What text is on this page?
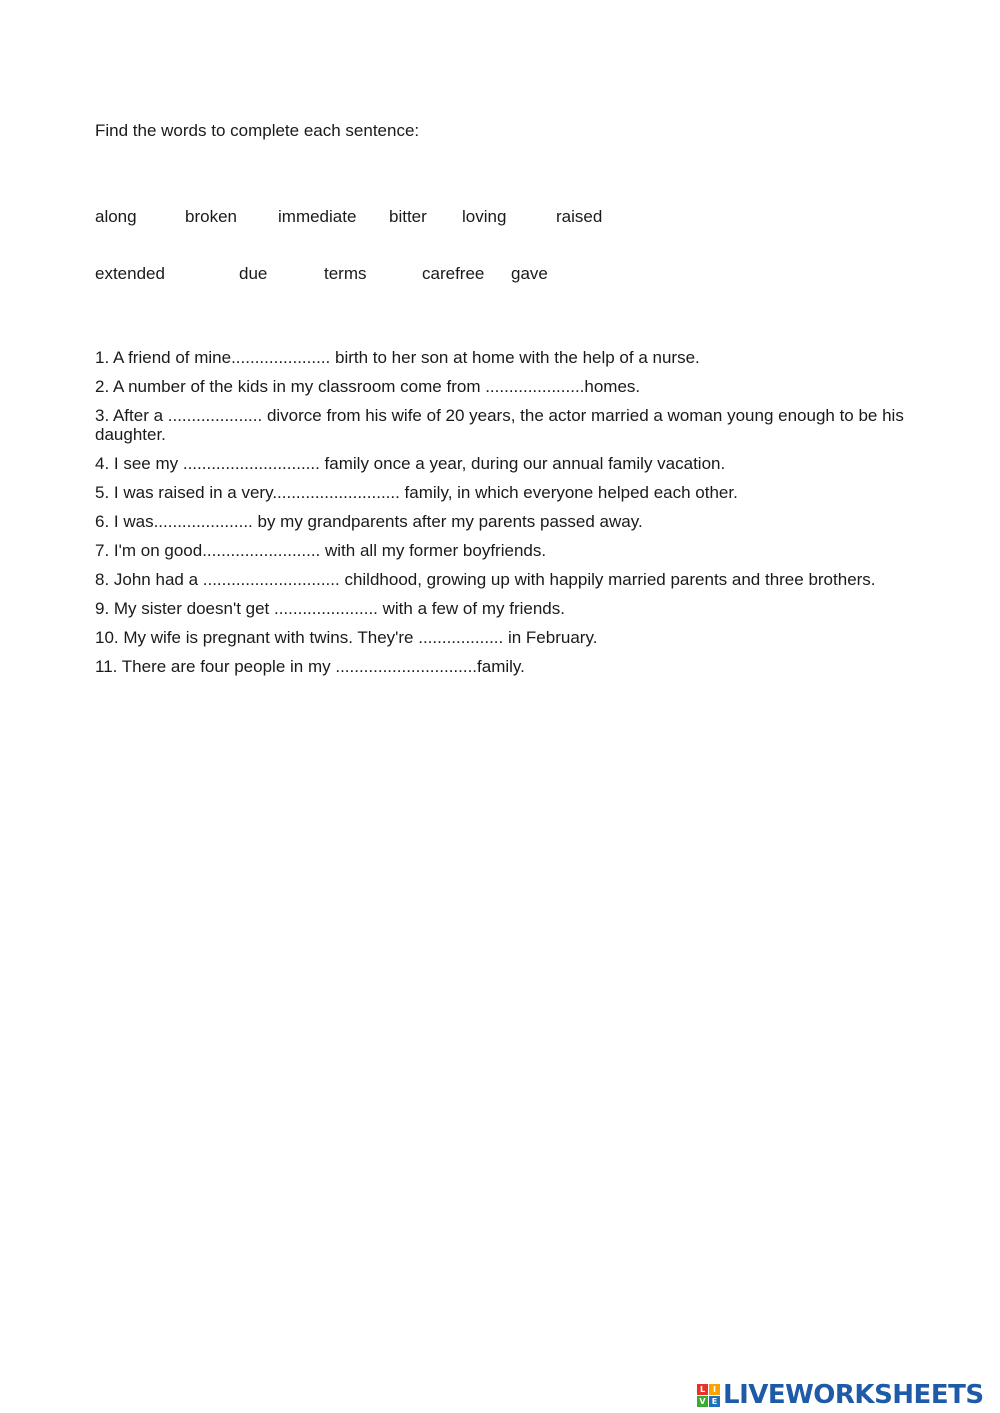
Find the words to complete each sentence:
along	broken immediate bitter loving	raised
extended	due	terms	carefree gave

1. A friend of mine..................... birth to her son at home with the help of a nurse.

2. A number of the kids in my classroom come from .....................homes.

3. After a .................... divorce from his wife of 20 years, the actor married a woman young enough to be his daughter.

4. I see my ............................. family once a year, during our annual family vacation.

5. I was raised in a very........................... family, in which everyone helped each other.

6. I was..................... by my grandparents after my parents passed away.

7. I'm on good......................... with all my former boyfriends.

8. John had a ............................. childhood, growing up with happily married parents and three brothers.

9. My sister doesn't get ...................... with a few of my friends.

10. My wife is pregnant with twins. They're .................. in February.

11. There are four people in my ..............................family.

L I
V E LIVEWORKSHEETS
